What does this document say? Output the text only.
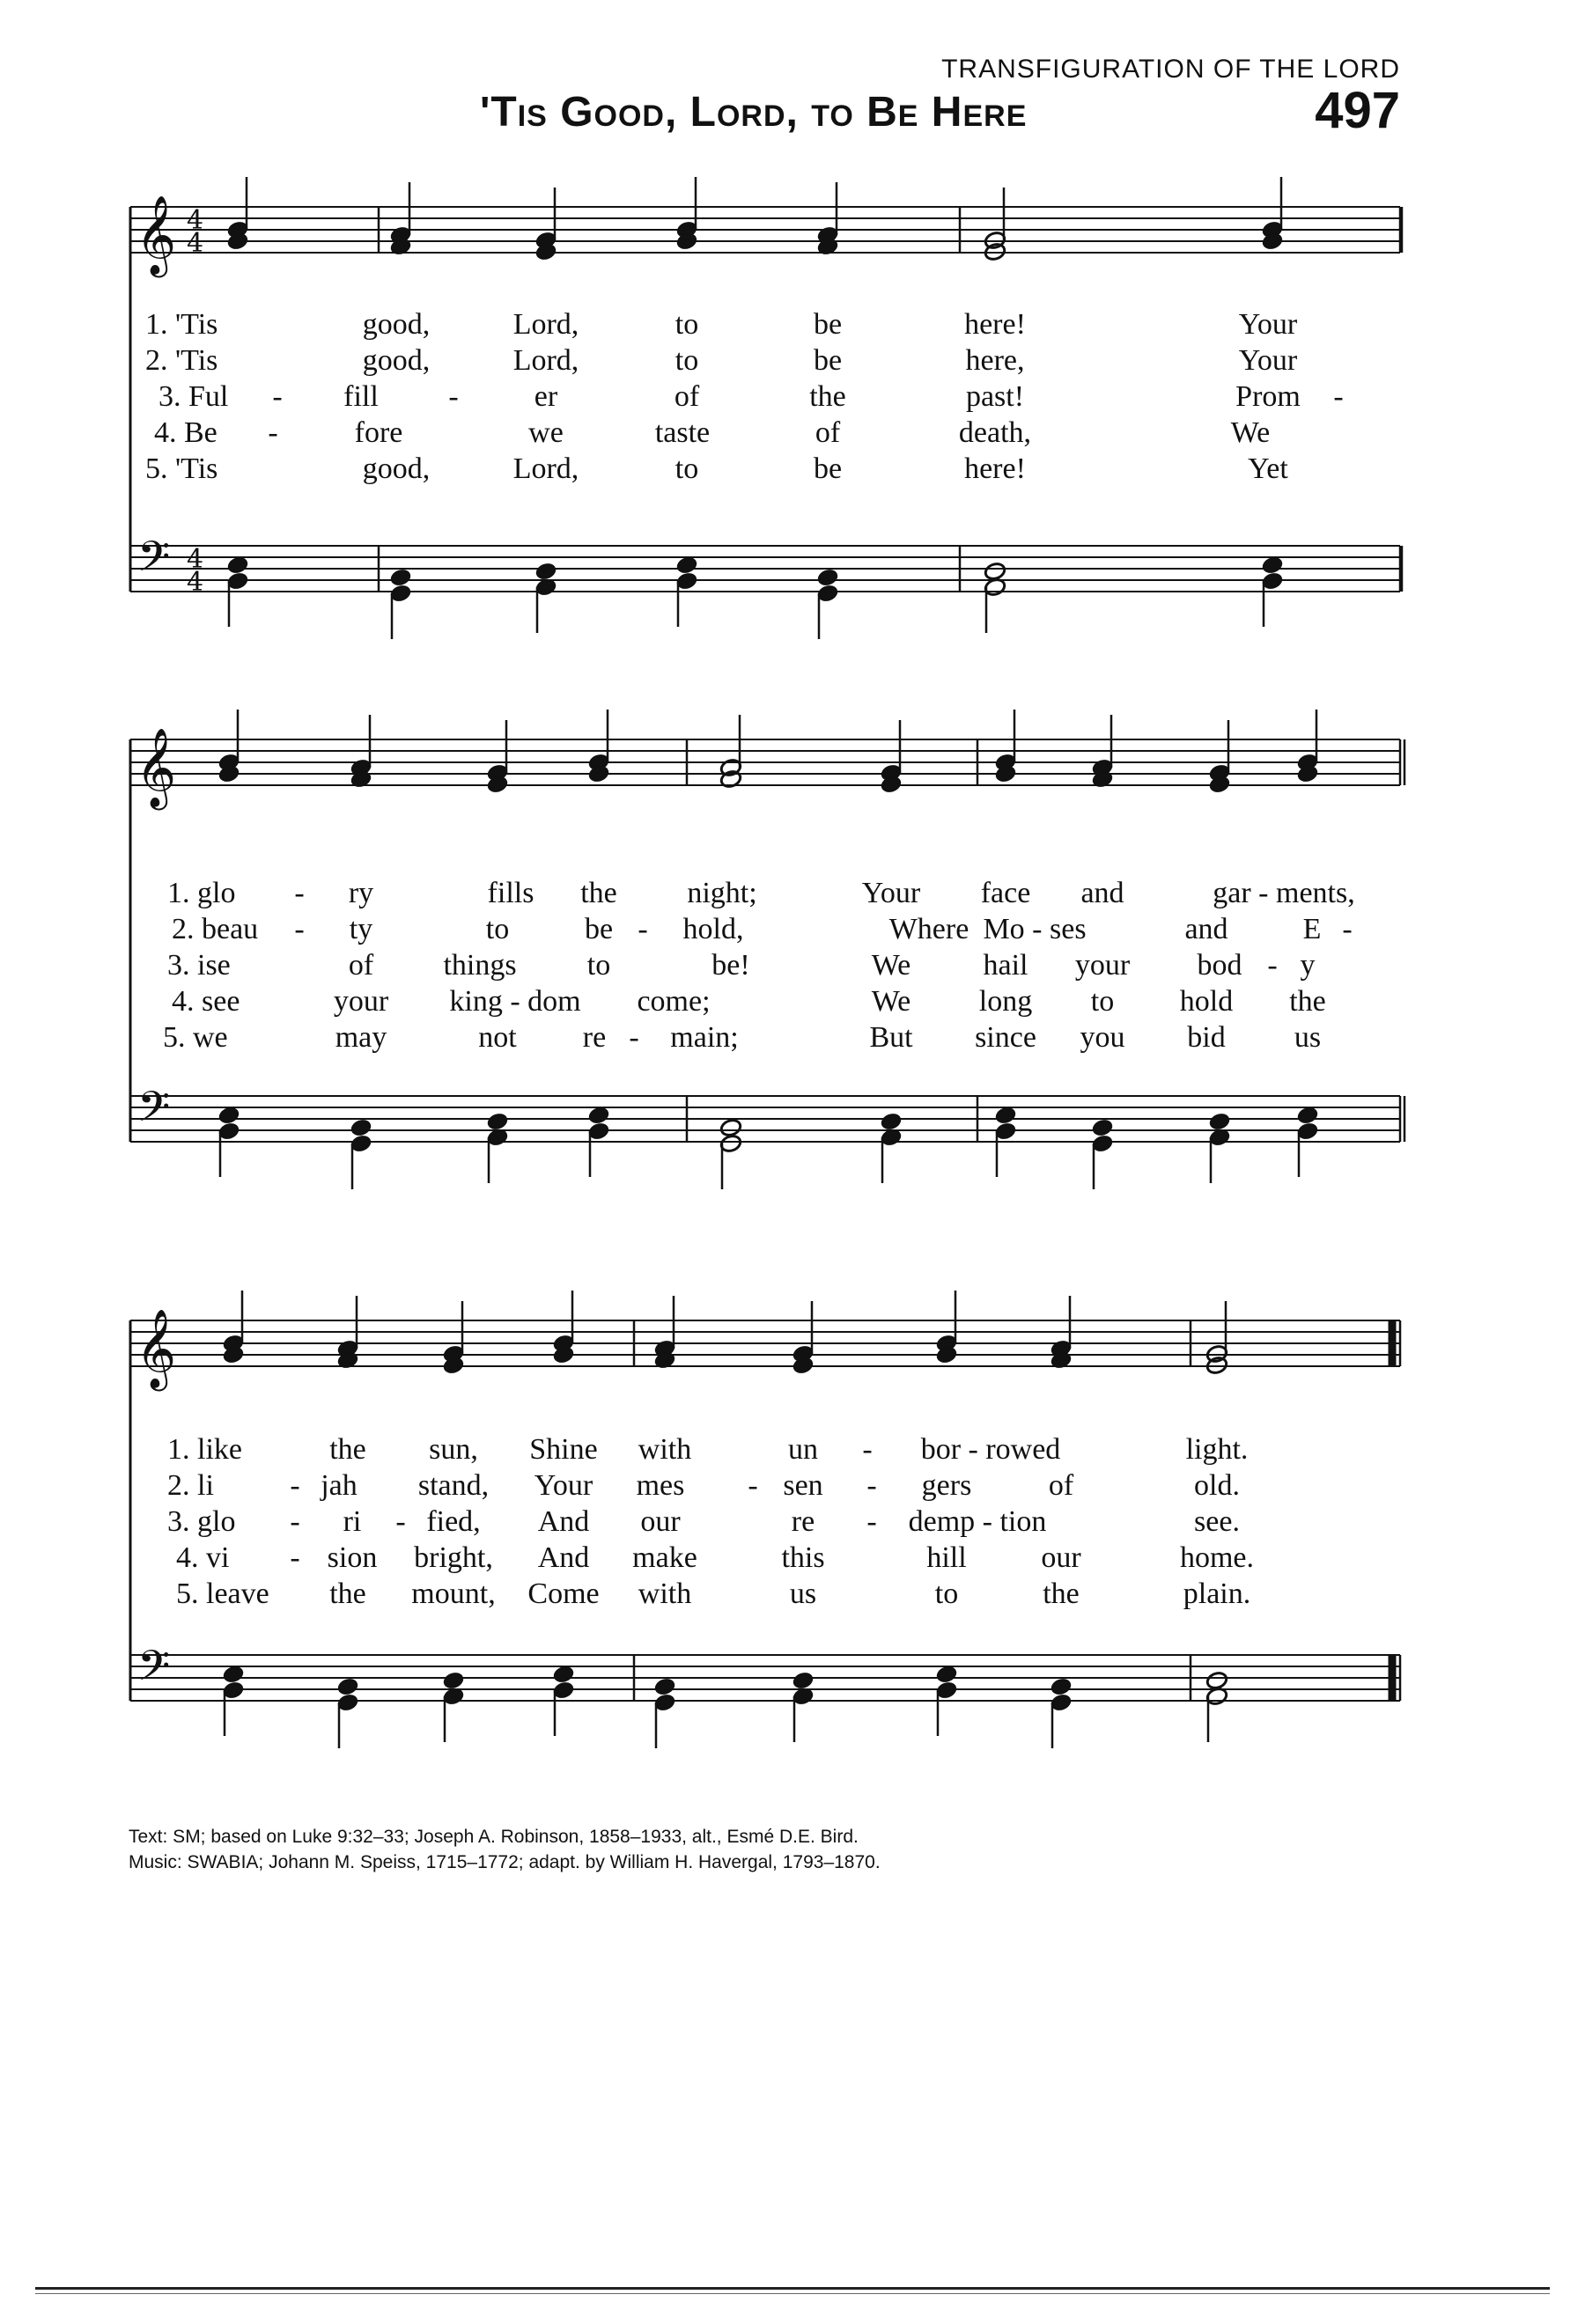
TRANSFIGURATION OF THE LORD
'Tis Good, Lord, to Be Here	497
𝄞
𝄢
4
4
4
4
𝄞
𝄢
𝄞
𝄢
1. 'Tis	good,	Lord,	to	be	here!	Your
2. 'Tis	good,	Lord,	to	be	here,	Your
3. Ful - fill -	er	of	the	past!	Prom -
4. Be -	fore	we	taste	of	death,	We
5. 'Tis	good,	Lord,	to	be	here!	Yet
1. glo - ry	fills the night;	Your face and	gar - ments,
2. beau - ty	to	be - hold,	Where Mo - ses	and	E -
3. ise	of things to	be!	We hail your bod - y
4. see	your king - dom come;	We long to hold the
5. we	may	not re - main;	But since you bid us
1. like	the sun, Shine with	un - bor - rowed	light.
2. li	- jah stand, Your mes - sen - gers	of	old.
3. glo - ri - fied, And our	re - demp - tion	see.
4. vi - sion bright, And make	this	hill our	home.
5. leave the mount, Come with	us	to	the	plain.
Text: SM; based on Luke 9:32–33; Joseph A. Robinson, 1858–1933, alt., Esmé D.E. Bird.
Music: SWABIA; Johann M. Speiss, 1715–1772; adapt. by William H. Havergal, 1793–1870.
